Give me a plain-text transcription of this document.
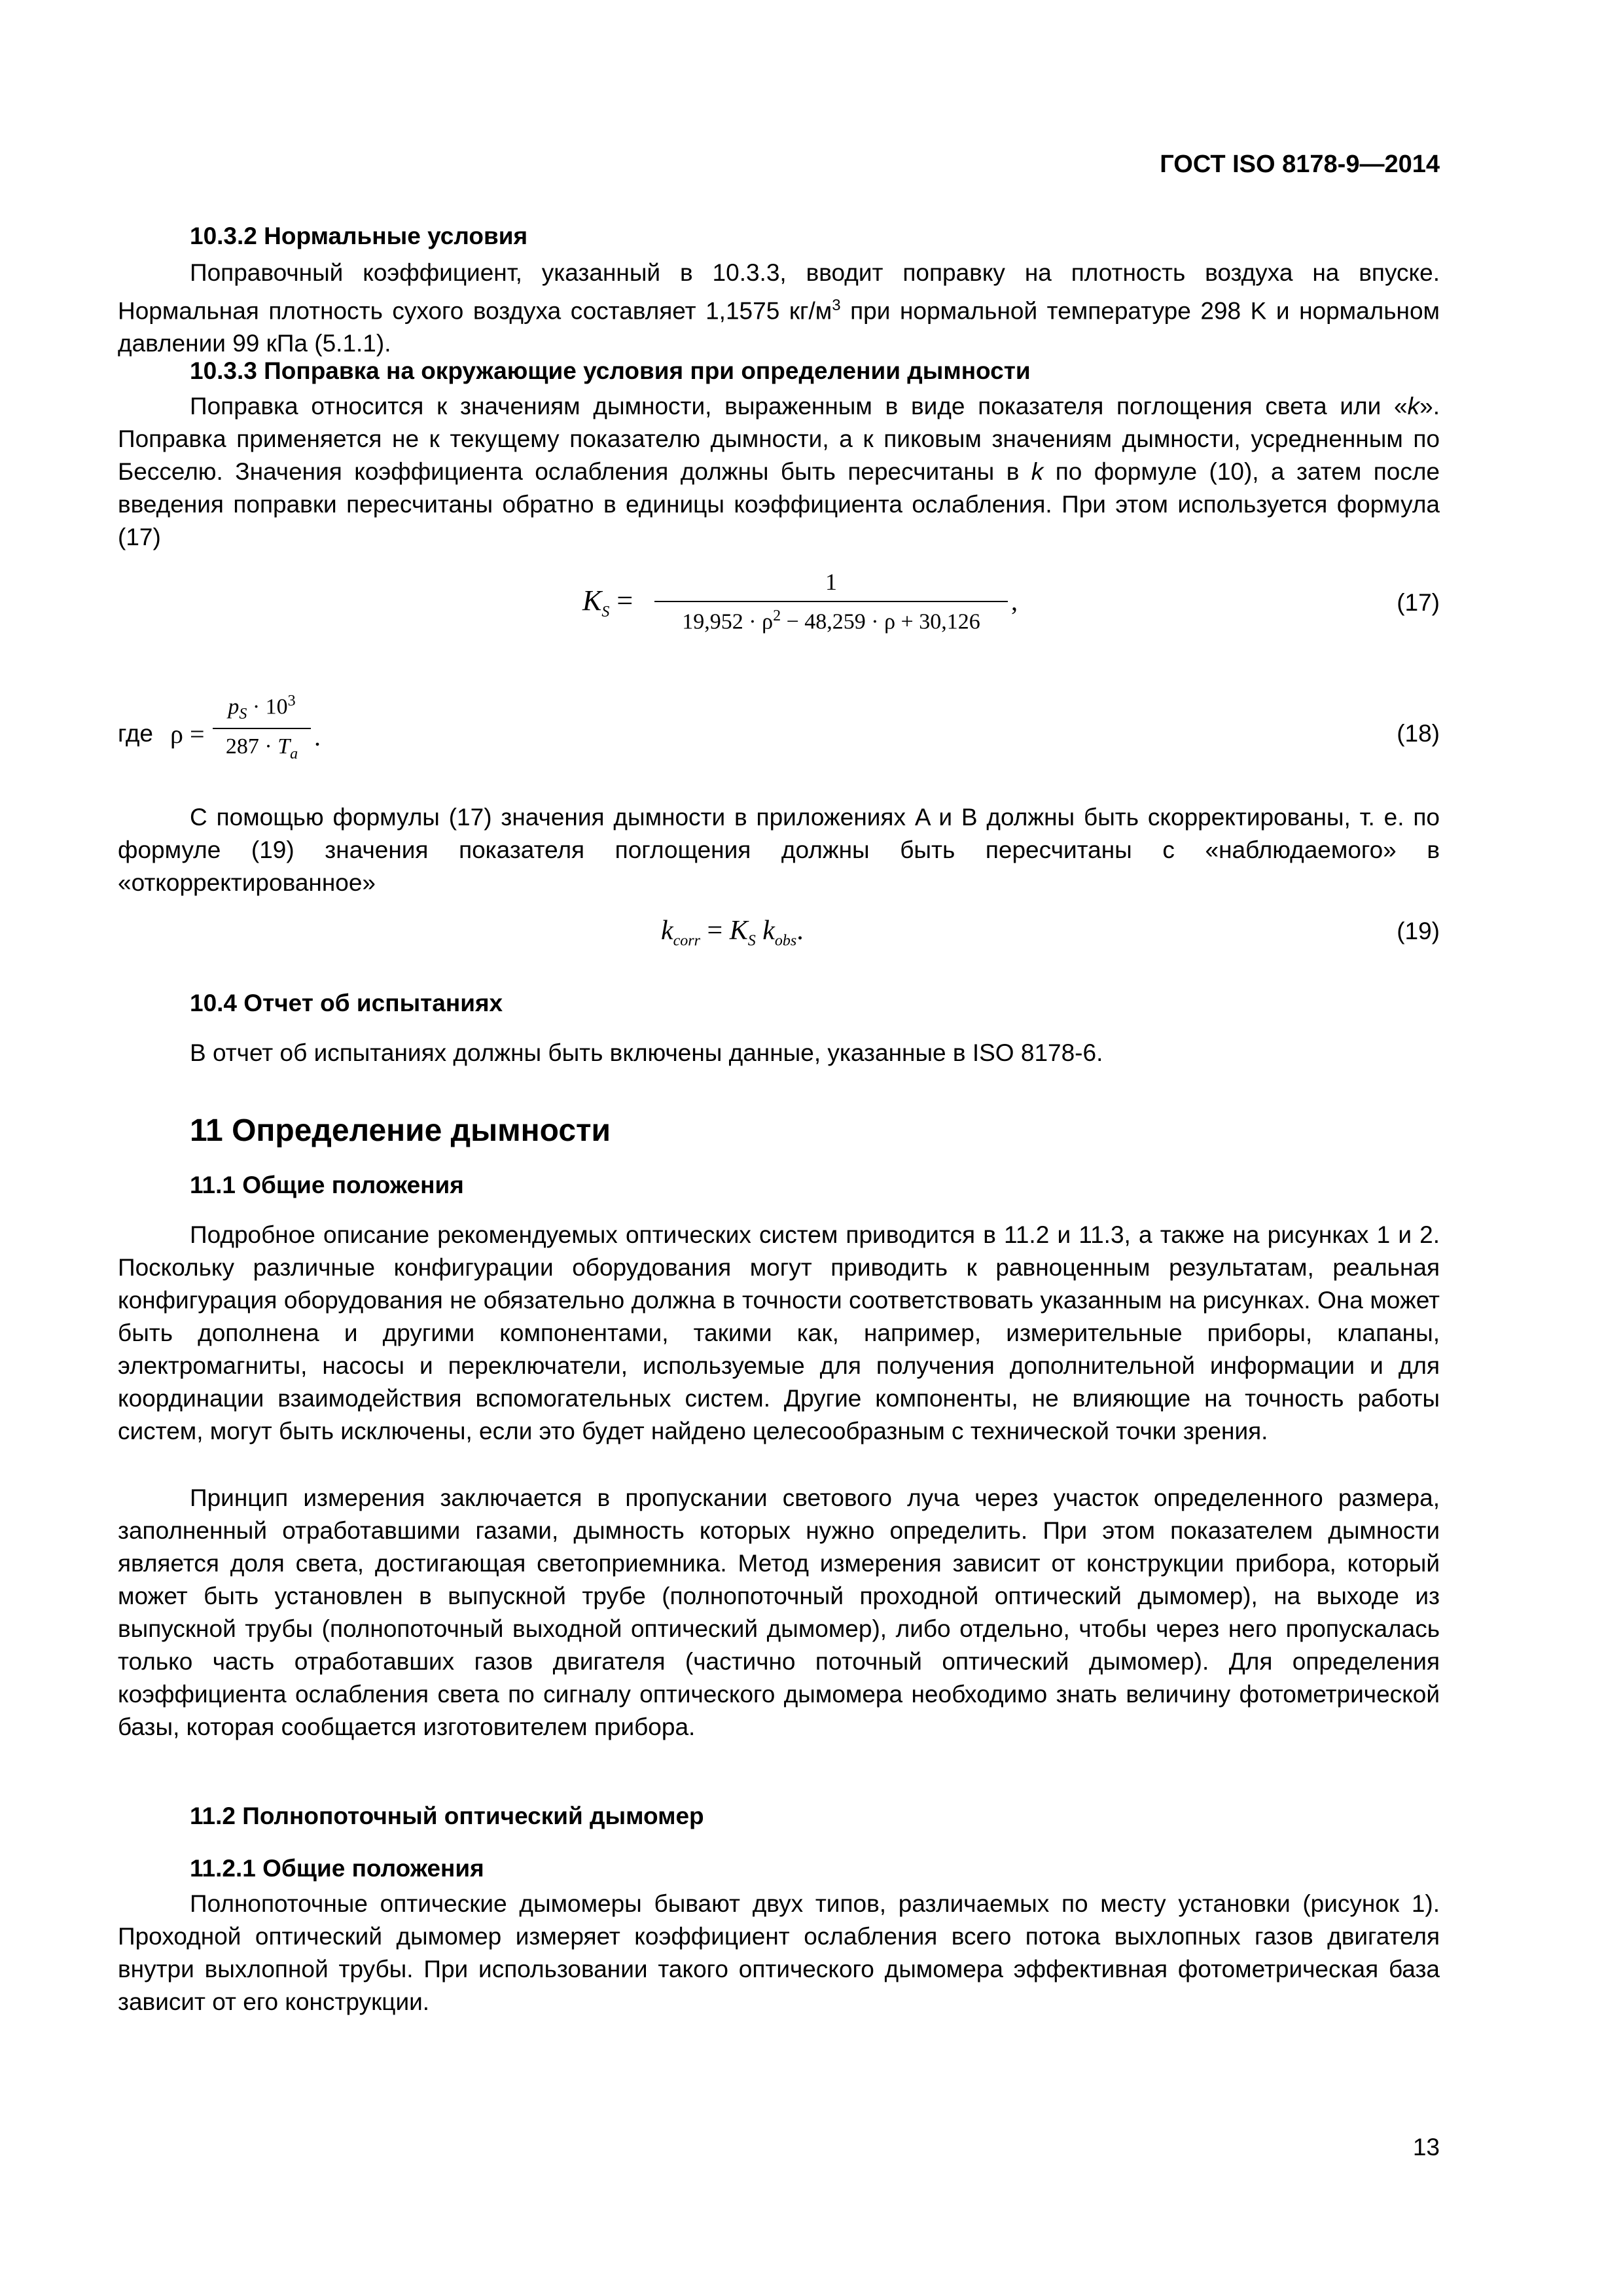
ГОСТ ISO 8178-9—2014
10.3.2 Нормальные условия

Поправочный коэффициент, указанный в 10.3.3, вводит поправку на плотность воздуха на впуске. Нормальная плотность сухого воздуха составляет 1,1575 $кг/м^3$ при нормальной температуре 298 K и нормальном давлении 99 кПа (5.1.1).

10.3.3 Поправка на окружающие условия при определении дымности

Поправка относится к значениям дымности, выраженным в виде показателя поглощения света или «k». Поправка применяется не к текущему показателю дымности, а к пиковым значениям дымности, усредненным по Бесселю. Значения коэффициента ослабления должны быть пересчитаны в k по формуле (10), а затем после введения поправки пересчитаны обратно в единицы коэффициента ослабления. При этом используется формула (17)

$K_S$ =
1
$19,952 \cdot \rho^2 - 48,259 \cdot \rho + 30,126$
,	(17)
где ρ =
$p_S \cdot 10^3$
$287 \cdot T_a$
.	(18)

С помощью формулы (17) значения дымности в приложениях A и B должны быть скорректированы, т. е. по формуле (19) значения показателя поглощения должны быть пересчитаны с «наблюдаемого» в «откорректированное»

$k_{corr} = K_S$ $k_{obs}$.	(19)
10.4 Отчет об испытаниях

В отчет об испытаниях должны быть включены данные, указанные в ISO 8178-6.

11 Определение дымности
11.1 Общие положения

Подробное описание рекомендуемых оптических систем приводится в 11.2 и 11.3, а также на рисунках 1 и 2. Поскольку различные конфигурации оборудования могут приводить к равноценным результатам, реальная конфигурация оборудования не обязательно должна в точности соответствовать указанным на рисунках. Она может быть дополнена и другими компонентами, такими как, например, измерительные приборы, клапаны, электромагниты, насосы и переключатели, используемые для получения дополнительной информации и для координации взаимодействия вспомогательных систем. Другие компоненты, не влияющие на точность работы систем, могут быть исключены, если это будет найдено целесообразным с технической точки зрения.

Принцип измерения заключается в пропускании светового луча через участок определенного размера, заполненный отработавшими газами, дымность которых нужно определить. При этом показателем дымности является доля света, достигающая светоприемника. Метод измерения зависит от конструкции прибора, который может быть установлен в выпускной трубе (полнопоточный проходной оптический дымомер), на выходе из выпускной трубы (полнопоточный выходной оптический дымомер), либо отдельно, чтобы через него пропускалась только часть отработавших газов двигателя (частично поточный оптический дымомер). Для определения коэффициента ослабления света по сигналу оптического дымомера необходимо знать величину фотометрической базы, которая сообщается изготовителем прибора.

11.2 Полнопоточный оптический дымомер
11.2.1 Общие положения

Полнопоточные оптические дымомеры бывают двух типов, различаемых по месту установки (рисунок 1). Проходной оптический дымомер измеряет коэффициент ослабления всего потока выхлопных газов двигателя внутри выхлопной трубы. При использовании такого оптического дымомера эффективная фотометрическая база зависит от его конструкции.

13
